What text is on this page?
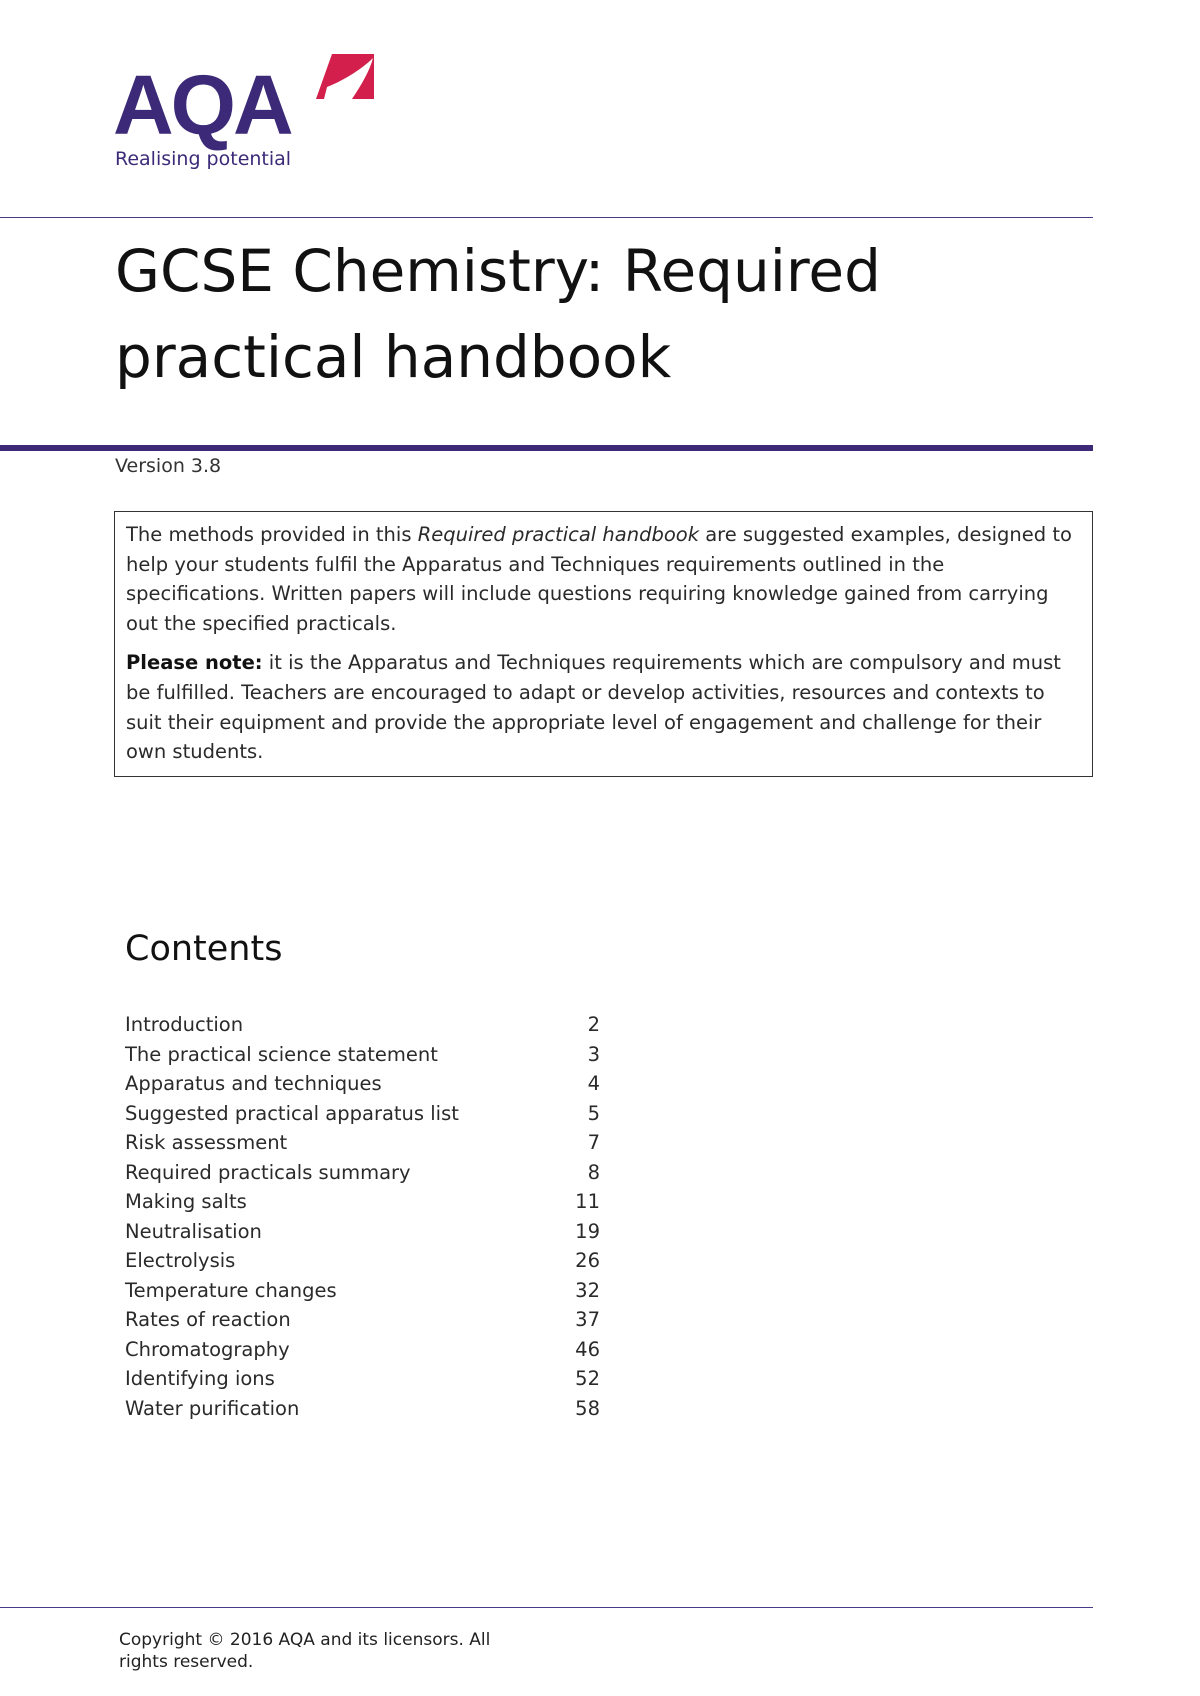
AQA
Realising potential
GCSE Chemistry: Required practical handbook
Version 3.8

The methods provided in this Required practical handbook are suggested examples, designed to help your students fulfil the Apparatus and Techniques requirements outlined in the specifications. Written papers will include questions requiring knowledge gained from carrying out the specified practicals.

Please note: it is the Apparatus and Techniques requirements which are compulsory and must be fulfilled. Teachers are encouraged to adapt or develop activities, resources and contexts to suit their equipment and provide the appropriate level of engagement and challenge for their own students.

Contents
Introduction	2
The practical science statement	3
Apparatus and techniques	4
Suggested practical apparatus list	5
Risk assessment	7
Required practicals summary	8
Making salts	11
Neutralisation	19
Electrolysis	26
Temperature changes	32
Rates of reaction	37
Chromatography	46
Identifying ions	52
Water purification	58
Copyright © 2016 AQA and its licensors. All rights reserved.
